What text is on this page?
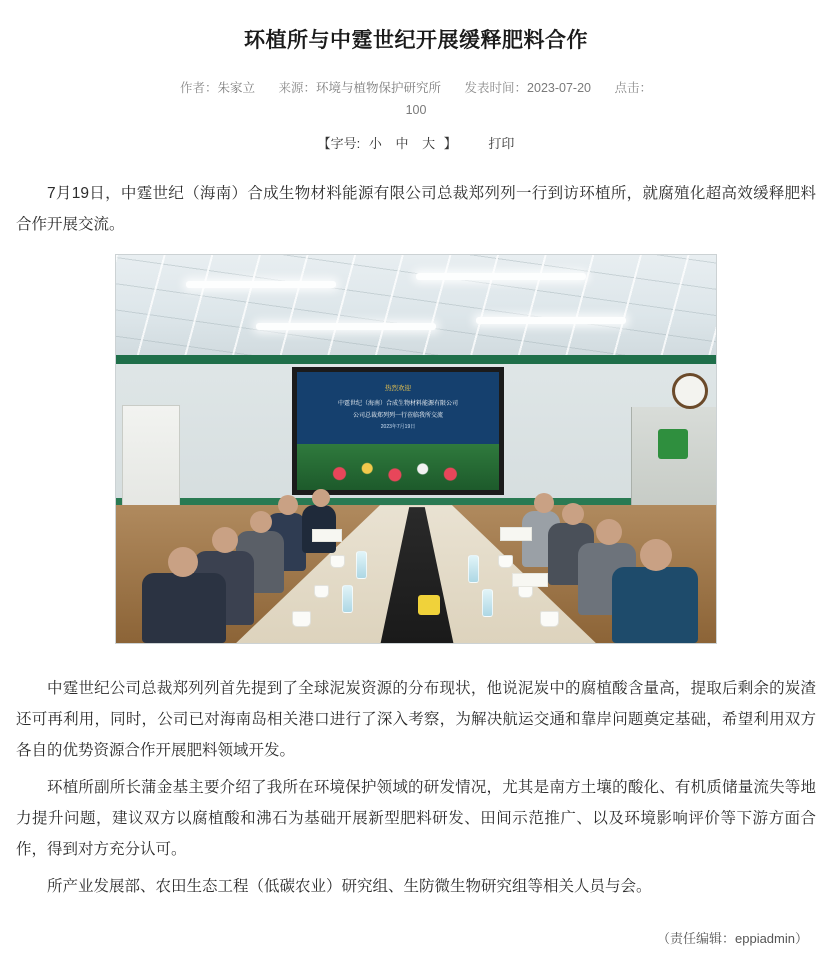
环植所与中霆世纪开展缓释肥料合作
作者：朱家立 来源：环境与植物保护研究所 发表时间：2023-07-20 点击：
100
【字号: 小 中 大 】 打印

7月19日，中霆世纪（海南）合成生物材料能源有限公司总裁郑列列一行到访环植所，就腐殖化超高效缓释肥料合作开展交流。

热烈欢迎
中霆世纪（海南）合成生物材料能源有限公司
公司总裁郑列列一行莅临我所交流
2023年7月19日

中霆世纪公司总裁郑列列首先提到了全球泥炭资源的分布现状，他说泥炭中的腐植酸含量高，提取后剩余的炭渣还可再利用，同时，公司已对海南岛相关港口进行了深入考察，为解决航运交通和靠岸问题奠定基础，希望利用双方各自的优势资源合作开展肥料领域开发。

环植所副所长蒲金基主要介绍了我所在环境保护领域的研发情况，尤其是南方土壤的酸化、有机质储量流失等地力提升问题，建议双方以腐植酸和沸石为基础开展新型肥料研发、田间示范推广、以及环境影响评价等下游方面合作，得到对方充分认可。

所产业发展部、农田生态工程（低碳农业）研究组、生防微生物研究组等相关人员与会。

（责任编辑：eppiadmin）
